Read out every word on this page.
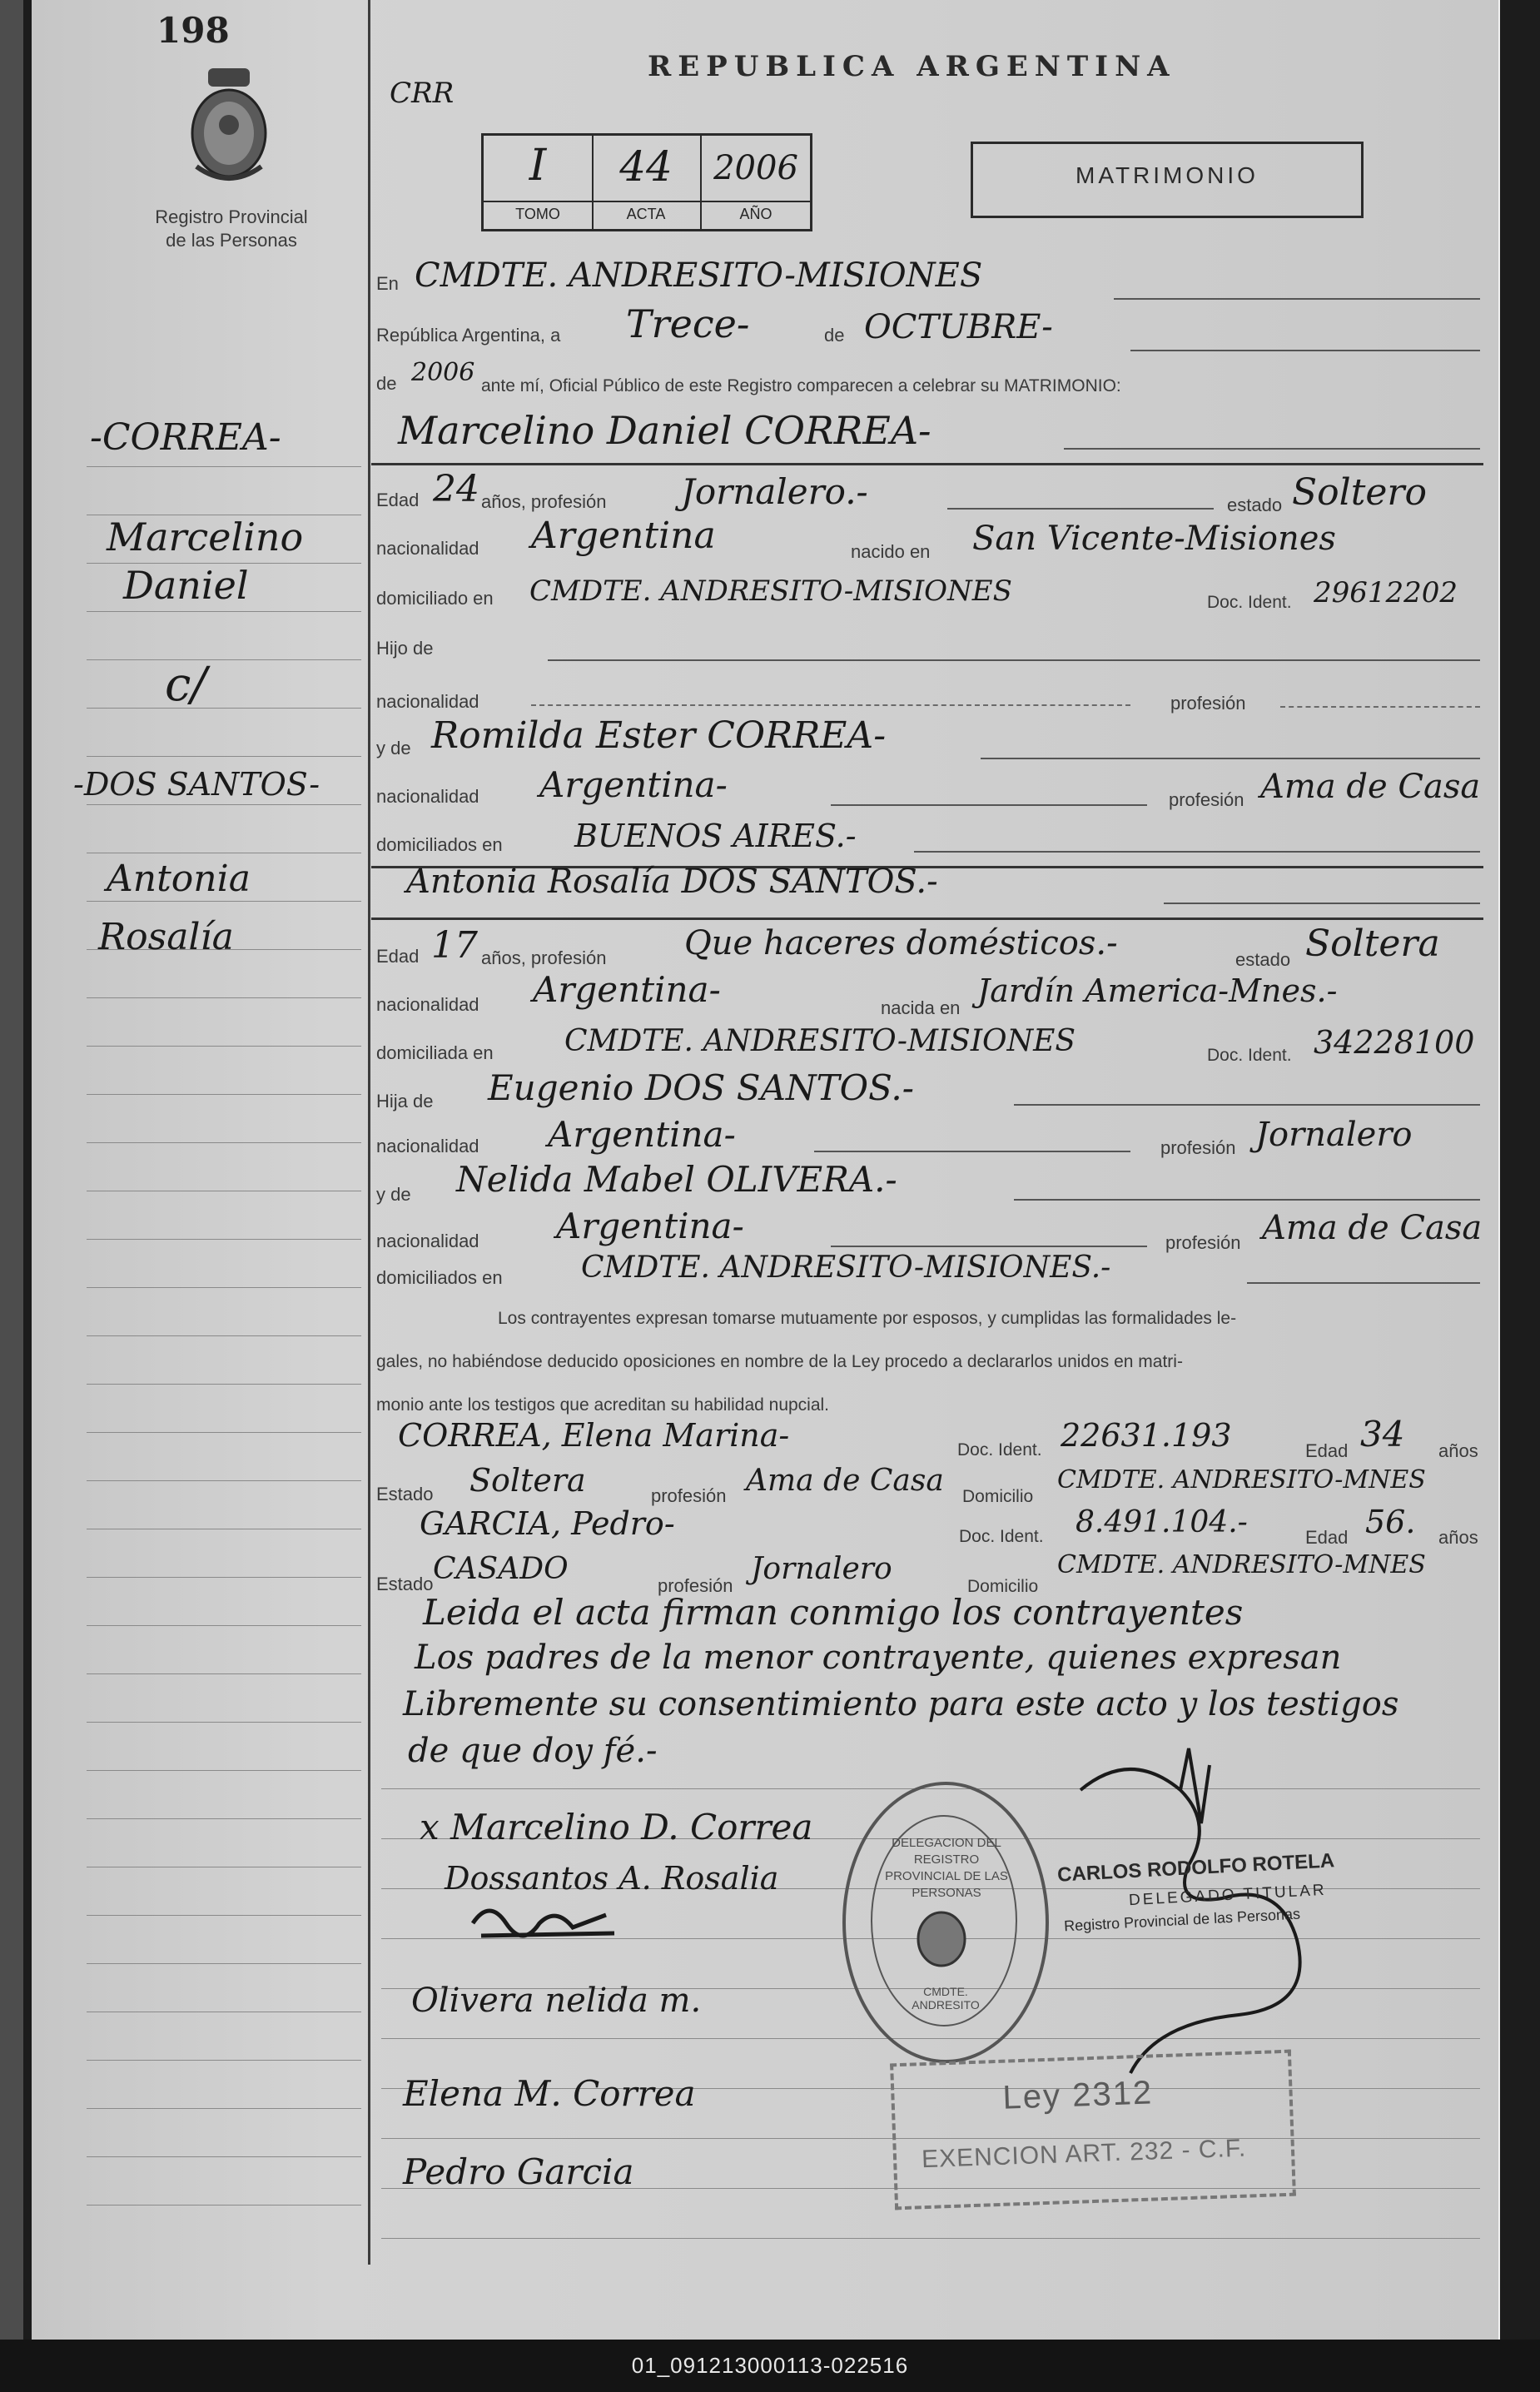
198
Registro Provincial
de las Personas
-CORREA-
Marcelino
Daniel
c/
-DOS SANTOS-
Antonia
Rosalía
REPUBLICA ARGENTINA
CRR
I	44	2006
TOMO	ACTA	AÑO
MATRIMONIO
En CMDTE. ANDRESITO-MISIONES
República Argentina, a Trece-	de OCTUBRE-
de 2006 ante mí, Oficial Público de este Registro comparecen a celebrar su MATRIMONIO:
Marcelino Daniel CORREA-
Edad 24 años, profesión Jornalero.-	estado Soltero
nacionalidad Argentina	nacido en San Vicente-Misiones
domiciliado en CMDTE. ANDRESITO-MISIONES	Doc. Ident. 29612202
Hijo de
nacionalidad	profesión
y de Romilda Ester CORREA-
nacionalidad Argentina-	profesión Ama de Casa
domiciliados en BUENOS AIRES.-
Antonia Rosalía DOS SANTOS.-
Edad 17 años, profesión Que haceres domésticos.-	estado Soltera
nacionalidad Argentina-	nacida en Jardín America-Mnes.-
domiciliada en CMDTE. ANDRESITO-MISIONES	Doc. Ident. 34228100
Hija de Eugenio DOS SANTOS.-
nacionalidad Argentina-	profesión Jornalero
y de Nelida Mabel OLIVERA.-
nacionalidad Argentina-	profesión Ama de Casa
domiciliados en	CMDTE. ANDRESITO-MISIONES.-
Los contrayentes expresan tomarse mutuamente por esposos, y cumplidas las formalidades le-
gales, no habiéndose deducido oposiciones en nombre de la Ley procedo a declararlos unidos en matri-
monio ante los testigos que acreditan su habilidad nupcial.
CORREA, Elena Marina-	Doc. Ident. 22631.193	Edad 34 años
Estado Soltera	profesión Ama de Casa Domicilio
CMDTE. ANDRESITO-MNES
GARCIA, Pedro-	Doc. Ident. 8.491.104.-	Edad 56. años
Estado CASADO	profesión Jornalero
Domicilio
CMDTE. ANDRESITO-MNES
Leida el acta firman conmigo los contrayentes
Los padres de la menor contrayente, quienes expresan
Libremente su consentimiento para este acto y los testigos
de que doy fé.-
x Marcelino D. Correa
Dossantos A. Rosalia
Olivera nelida m.
Elena M. Correa
Pedro Garcia
DELEGACION DEL REGISTRO PROVINCIAL DE LAS PERSONAS
CMDTE. ANDRESITO
CARLOS RODOLFO ROTELA
DELEGADO TITULAR
Registro Provincial de las Personas
Ley 2312
EXENCION ART. 232 - C.F.
01_091213000113-022516
